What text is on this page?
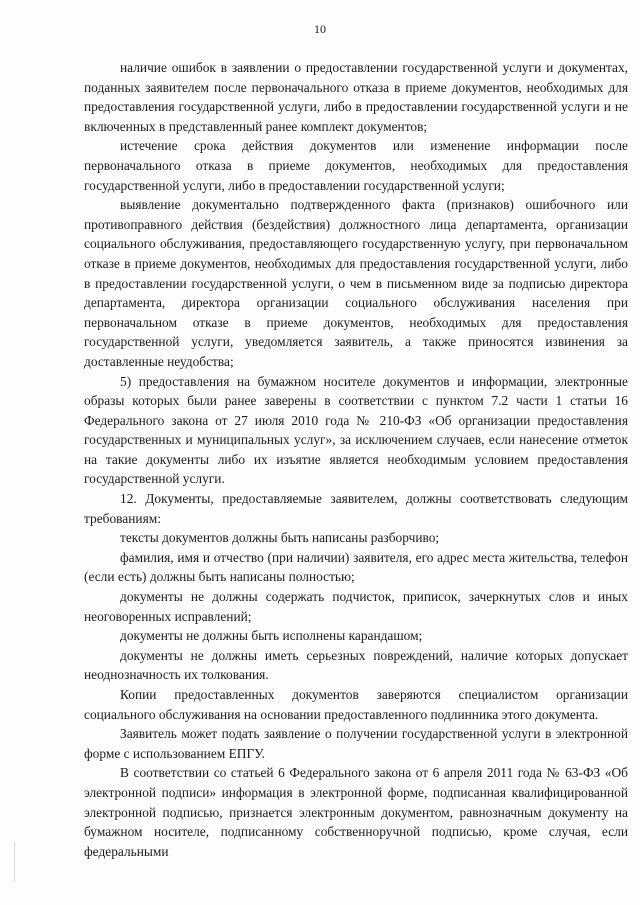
10

наличие ошибок в заявлении о предоставлении государственной услуги и документах, поданных заявителем после первоначального отказа в приеме документов, необходимых для предоставления государственной услуги, либо в предоставлении государственной услуги и не включенных в представленный ранее комплект документов;

истечение срока действия документов или изменение информации после первоначального отказа в приеме документов, необходимых для предоставления государственной услуги, либо в предоставлении государственной услуги;

выявление документально подтвержденного факта (признаков) ошибочного или противоправного действия (бездействия) должностного лица департамента, организации социального обслуживания, предоставляющего государственную услугу, при первоначальном отказе в приеме документов, необходимых для предоставления государственной услуги, либо в предоставлении государственной услуги, о чем в письменном виде за подписью директора департамента, директора организации социального обслуживания населения при первоначальном отказе в приеме документов, необходимых для предоставления государственной услуги, уведомляется заявитель, а также приносятся извинения за доставленные неудобства;

5) предоставления на бумажном носителе документов и информации, электронные образы которых были ранее заверены в соответствии с пунктом 7.2 части 1 статьи 16 Федерального закона от 27 июля 2010 года № 210-ФЗ «Об организации предоставления государственных и муниципальных услуг», за исключением случаев, если нанесение отметок на такие документы либо их изъятие является необходимым условием предоставления государственной услуги.

12. Документы, предоставляемые заявителем, должны соответствовать следующим требованиям:

тексты документов должны быть написаны разборчиво;

фамилия, имя и отчество (при наличии) заявителя, его адрес места жительства, телефон (если есть) должны быть написаны полностью;

документы не должны содержать подчисток, приписок, зачеркнутых слов и иных неоговоренных исправлений;

документы не должны быть исполнены карандашом;

документы не должны иметь серьезных повреждений, наличие которых допускает неоднозначность их толкования.

Копии предоставленных документов заверяются специалистом организации социального обслуживания на основании предоставленного подлинника этого документа.

Заявитель может подать заявление о получении государственной услуги в электронной форме с использованием ЕПГУ.

В соответствии со статьей 6 Федерального закона от 6 апреля 2011 года № 63-ФЗ «Об электронной подписи» информация в электронной форме, подписанная квалифицированной электронной подписью, признается электронным документом, равнозначным документу на бумажном носителе, подписанному собственноручной подписью, кроме случая, если федеральными
